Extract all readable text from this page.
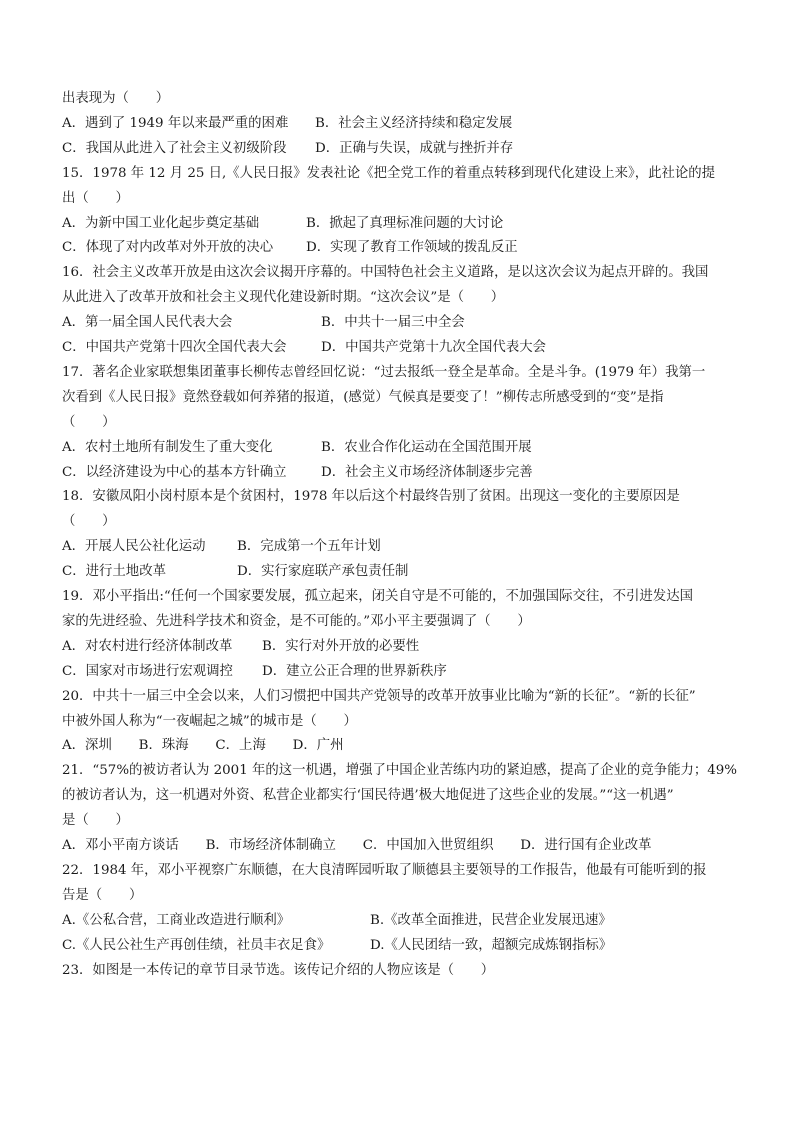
出表现为（　　）
A．遇到了 1949 年以来最严重的困难 B．社会主义经济持续和稳定发展
C．我国从此进入了社会主义初级阶段 D．正确与失误，成就与挫折并存
15．1978 年 12 月 25 日,《人民日报》发表社论《把全党工作的着重点转移到现代化建设上来》，此社论的提
出（　　）
A．为新中国工业化起步奠定基础	B．掀起了真理标准问题的大讨论
C．体现了对内改革对外开放的决心 D．实现了教育工作领域的拨乱反正
16．社会主义改革开放是由这次会议揭开序幕的。中国特色社会主义道路，是以这次会议为起点开辟的。我国
从此进入了改革开放和社会主义现代化建设新时期。“这次会议”是（　　）
A．第一届全国人民代表大会	B．中共十一届三中全会
C．中国共产党第十四次全国代表大会	D．中国共产党第十九次全国代表大会
17．著名企业家联想集团董事长柳传志曾经回忆说：“过去报纸一登全是革命。全是斗争。(1979 年）我第一
次看到《人民日报》竟然登载如何养猪的报道，(感觉）气候真是要变了！”柳传志所感受到的“变”是指
（　　）
A．农村土地所有制发生了重大变化	B．农业合作化运动在全国范围开展
C．以经济建设为中心的基本方针确立	D．社会主义市场经济体制逐步完善
18．安徽凤阳小岗村原本是个贫困村，1978 年以后这个村最终告别了贫困。出现这一变化的主要原因是
（　　）
A．开展人民公社化运动 B．完成第一个五年计划
C．进行土地改革	D．实行家庭联产承包责任制
19．邓小平指出:“任何一个国家要发展，孤立起来，闭关自守是不可能的，不加强国际交往，不引进发达国
家的先进经验、先进科学技术和资金，是不可能的。”邓小平主要强调了（　　）
A．对农村进行经济体制改革 B．实行对外开放的必要性
C．国家对市场进行宏观调控 D．建立公正合理的世界新秩序
20．中共十一届三中全会以来，人们习惯把中国共产党领导的改革开放事业比喻为“新的长征”。“新的长征”
中被外国人称为“一夜崛起之城”的城市是（　　）
A．深圳　　B．珠海　　C．上海　　D．广州
21．“57%的被访者认为 2001 年的这一机遇，增强了中国企业苦练内功的紧迫感，提高了企业的竞争能力；49%
的被访者认为，这一机遇对外资、私营企业都实行‘国民待遇’极大地促进了这些企业的发展。”“这一机遇”
是（　　）
A．邓小平南方谈话　　B．市场经济体制确立　　C．中国加入世贸组织　　D．进行国有企业改革
22．1984 年，邓小平视察广东顺德，在大良清晖园听取了顺德县主要领导的工作报告，他最有可能听到的报
告是（　　）
A.《公私合营，工商业改造进行顺利》	B.《改革全面推进，民营企业发展迅速》
C.《人民公社生产再创佳绩，社员丰衣足食》	D.《人民团结一致，超额完成炼钢指标》
23．如图是一本传记的章节目录节选。该传记介绍的人物应该是（　　）
